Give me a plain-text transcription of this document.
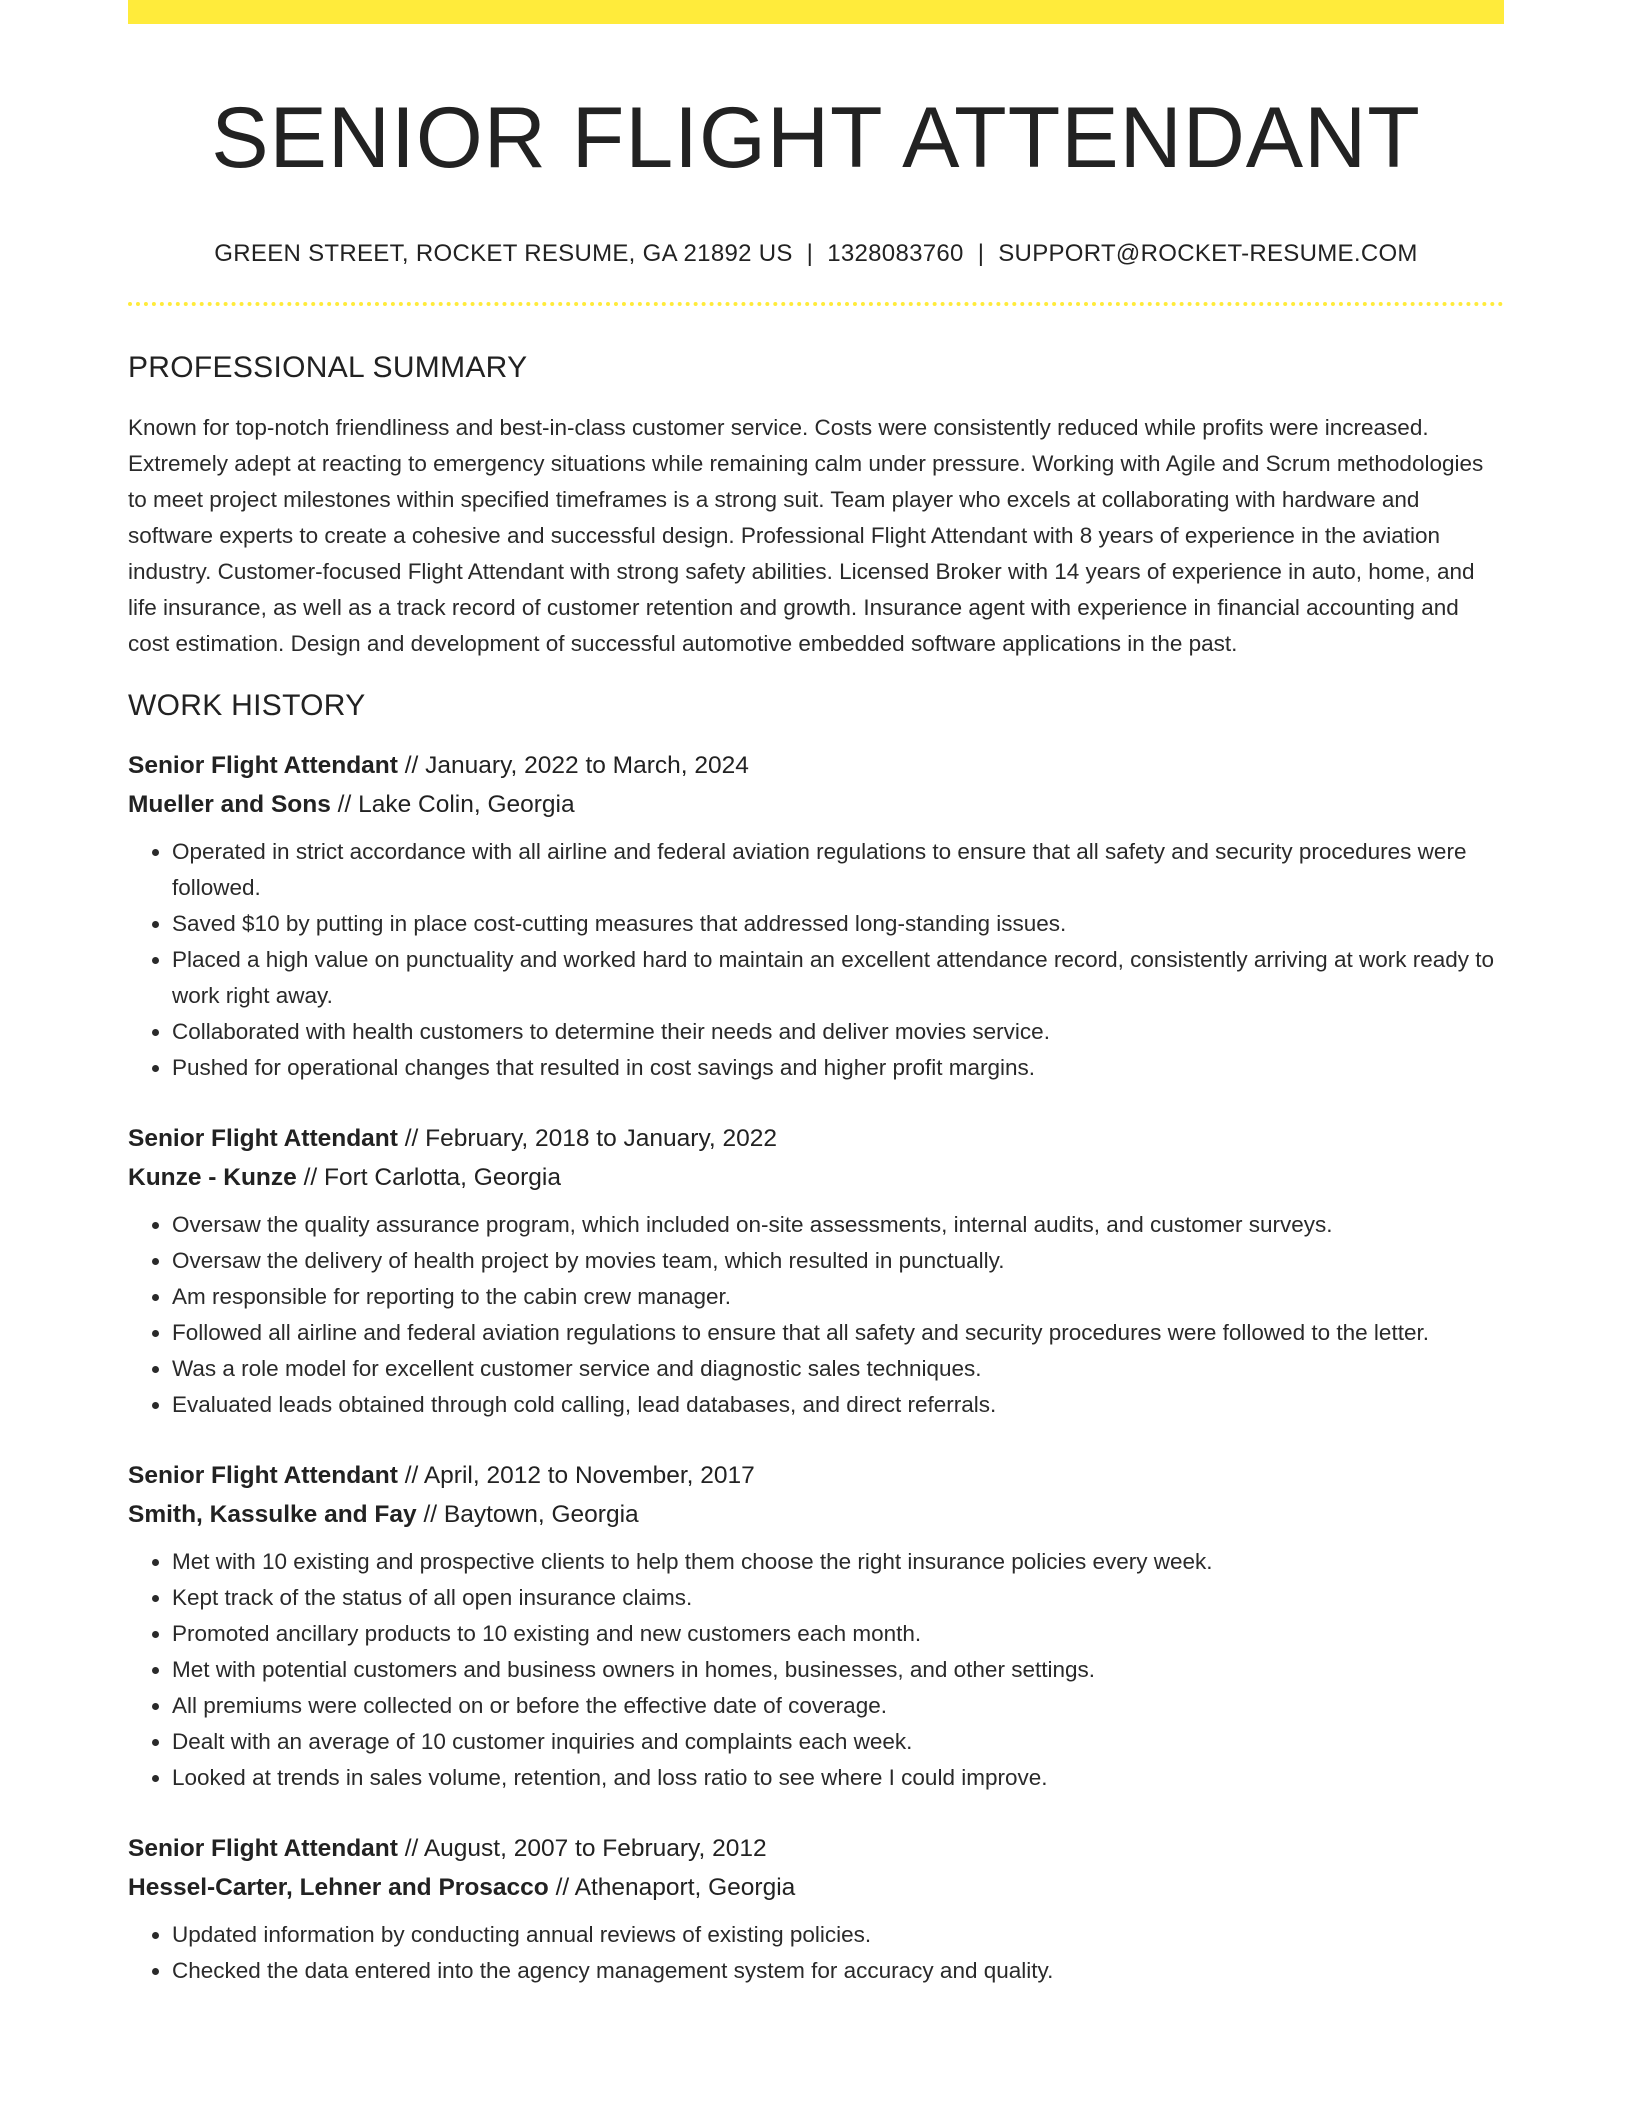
SENIOR FLIGHT ATTENDANT
GREEN STREET, ROCKET RESUME, GA 21892 US | 1328083760 | SUPPORT@ROCKET-RESUME.COM
PROFESSIONAL SUMMARY

Known for top-notch friendliness and best-in-class customer service. Costs were consistently reduced while profits were increased. Extremely adept at reacting to emergency situations while remaining calm under pressure. Working with Agile and Scrum methodologies to meet project milestones within specified timeframes is a strong suit. Team player who excels at collaborating with hardware and software experts to create a cohesive and successful design. Professional Flight Attendant with 8 years of experience in the aviation industry. Customer-focused Flight Attendant with strong safety abilities. Licensed Broker with 14 years of experience in auto, home, and life insurance, as well as a track record of customer retention and growth. Insurance agent with experience in financial accounting and cost estimation. Design and development of successful automotive embedded software applications in the past.

WORK HISTORY
Senior Flight Attendant // January, 2022 to March, 2024
Mueller and Sons // Lake Colin, Georgia
• Operated in strict accordance with all airline and federal aviation regulations to ensure that all safety and security procedures were followed.
• Saved $10 by putting in place cost-cutting measures that addressed long-standing issues.
• Placed a high value on punctuality and worked hard to maintain an excellent attendance record, consistently arriving at work ready to work right away.
• Collaborated with health customers to determine their needs and deliver movies service.
• Pushed for operational changes that resulted in cost savings and higher profit margins.
Senior Flight Attendant // February, 2018 to January, 2022
Kunze - Kunze // Fort Carlotta, Georgia
• Oversaw the quality assurance program, which included on-site assessments, internal audits, and customer surveys.
• Oversaw the delivery of health project by movies team, which resulted in punctually.
• Am responsible for reporting to the cabin crew manager.
• Followed all airline and federal aviation regulations to ensure that all safety and security procedures were followed to the letter.
• Was a role model for excellent customer service and diagnostic sales techniques.
• Evaluated leads obtained through cold calling, lead databases, and direct referrals.
Senior Flight Attendant // April, 2012 to November, 2017
Smith, Kassulke and Fay // Baytown, Georgia
• Met with 10 existing and prospective clients to help them choose the right insurance policies every week.
• Kept track of the status of all open insurance claims.
• Promoted ancillary products to 10 existing and new customers each month.
• Met with potential customers and business owners in homes, businesses, and other settings.
• All premiums were collected on or before the effective date of coverage.
• Dealt with an average of 10 customer inquiries and complaints each week.
• Looked at trends in sales volume, retention, and loss ratio to see where I could improve.
Senior Flight Attendant // August, 2007 to February, 2012
Hessel-Carter, Lehner and Prosacco // Athenaport, Georgia
• Updated information by conducting annual reviews of existing policies.
• Checked the data entered into the agency management system for accuracy and quality.
